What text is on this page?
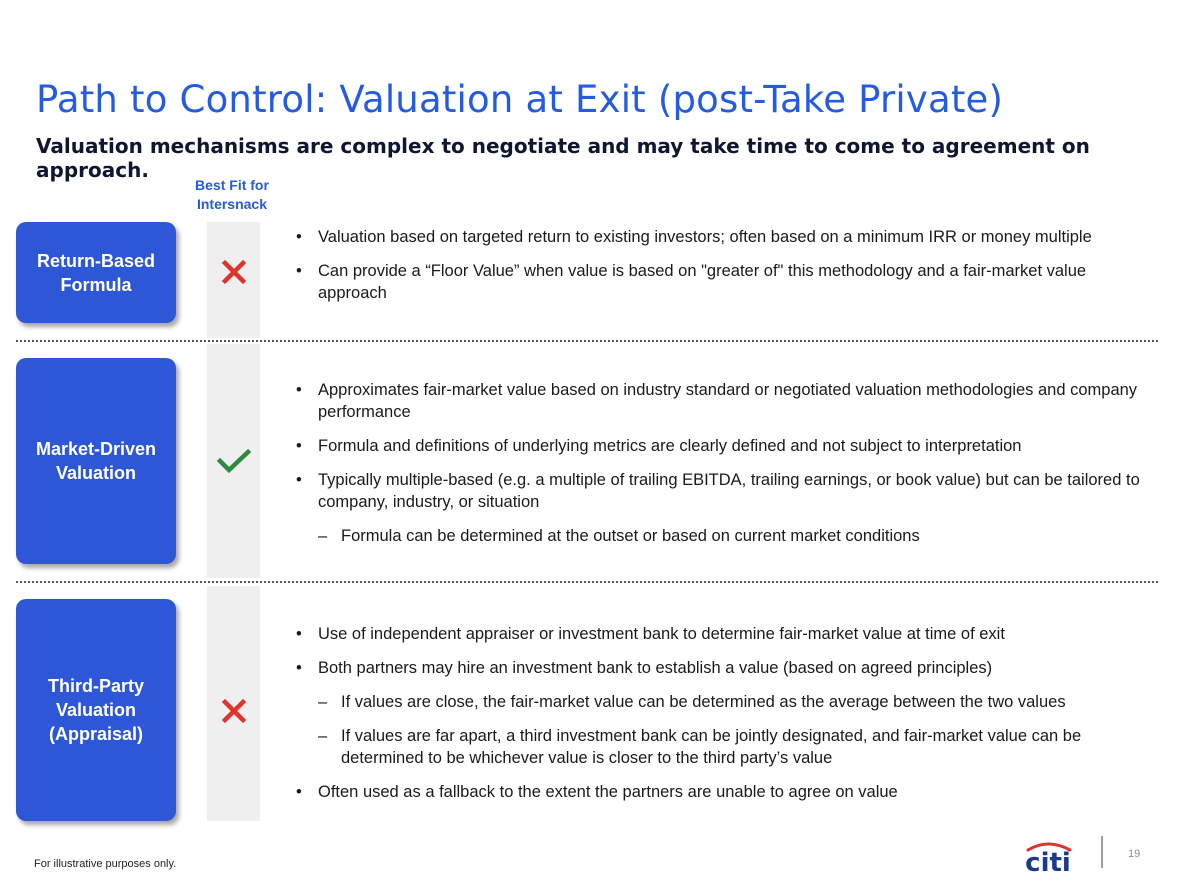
Path to Control: Valuation at Exit (post-Take Private)
Valuation mechanisms are complex to negotiate and may take time to come to agreement on approach.
Best Fit for
Intersnack
Return-Based
Formula
• Valuation based on targeted return to existing investors; often based on a minimum IRR or money multiple
• Can provide a “Floor Value” when value is based on "greater of" this methodology and a fair-market value approach
Market-Driven
Valuation
• Approximates fair-market value based on industry standard or negotiated valuation methodologies and company performance
• Formula and definitions of underlying metrics are clearly defined and not subject to interpretation
• Typically multiple-based (e.g. a multiple of trailing EBITDA, trailing earnings, or book value) but can be tailored to company, industry, or situation
– Formula can be determined at the outset or based on current market conditions
Third-Party
Valuation
(Appraisal)
• Use of independent appraiser or investment bank to determine fair-market value at time of exit
• Both partners may hire an investment bank to establish a value (based on agreed principles)
– If values are close, the fair-market value can be determined as the average between the two values
– If values are far apart, a third investment bank can be jointly designated, and fair-market value can be determined to be whichever value is closer to the third party’s value
• Often used as a fallback to the extent the partners are unable to agree on value
For illustrative purposes only.	citi	19
